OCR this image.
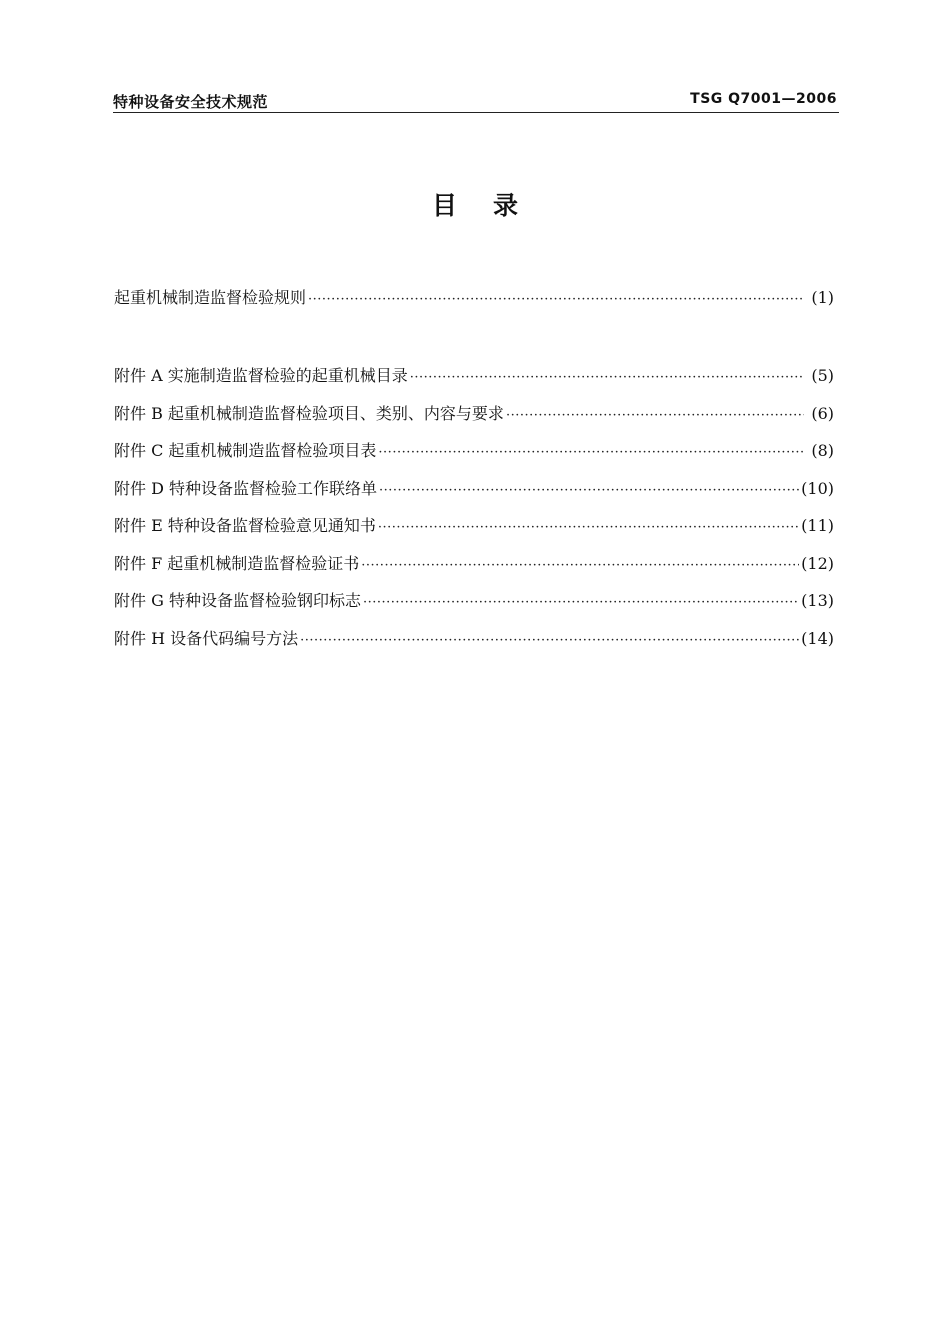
特种设备安全技术规范	TSG Q7001—2006
目录
起重机械制造监督检验规则 ·····	(1)
附件 A 实施制造监督检验的起重机械目录 ·····	(5)
附件 B 起重机械制造监督检验项目、类别、内容与要求 ·····	(6)
附件 C 起重机械制造监督检验项目表 ·····	(8)
附件 D 特种设备监督检验工作联络单 ·····	(10)
附件 E 特种设备监督检验意见通知书 ·····	(11)
附件 F 起重机械制造监督检验证书 ·····	(12)
附件 G 特种设备监督检验钢印标志 ·····	(13)
附件 H 设备代码编号方法 ·····	(14)
